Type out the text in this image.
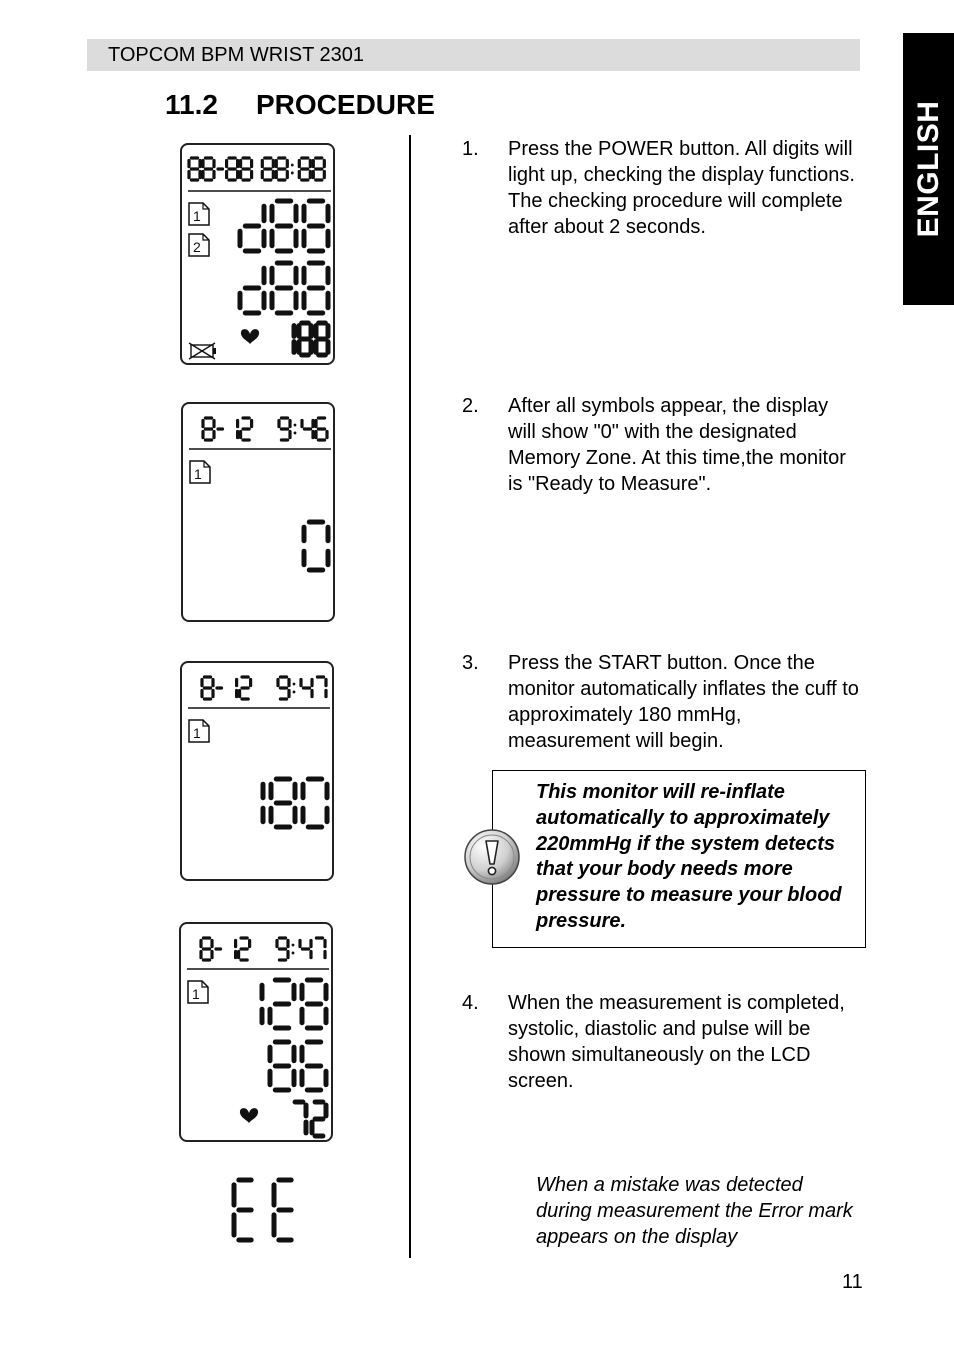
TOPCOM BPM WRIST 2301
ENGLISH
11.2 PROCEDURE
1
2
1
1
1
1. Press the POWER button. All digits will light up, checking the display functions. The checking procedure will complete after about 2 seconds.
2. After all symbols appear, the display will show "0" with the designated Memory Zone. At this time,the monitor is "Ready to Measure".
3. Press the START button. Once the monitor automatically inflates the cuff to approximately 180 mmHg, measurement will begin.
4. When the measurement is completed, systolic, diastolic and pulse will be shown simultaneously on the LCD screen.
This monitor will re-inflate automatically to approximately 220mmHg if the system detects that your body needs more pressure to measure your blood pressure.
When a mistake was detected during measurement the Error mark appears on the display
11
